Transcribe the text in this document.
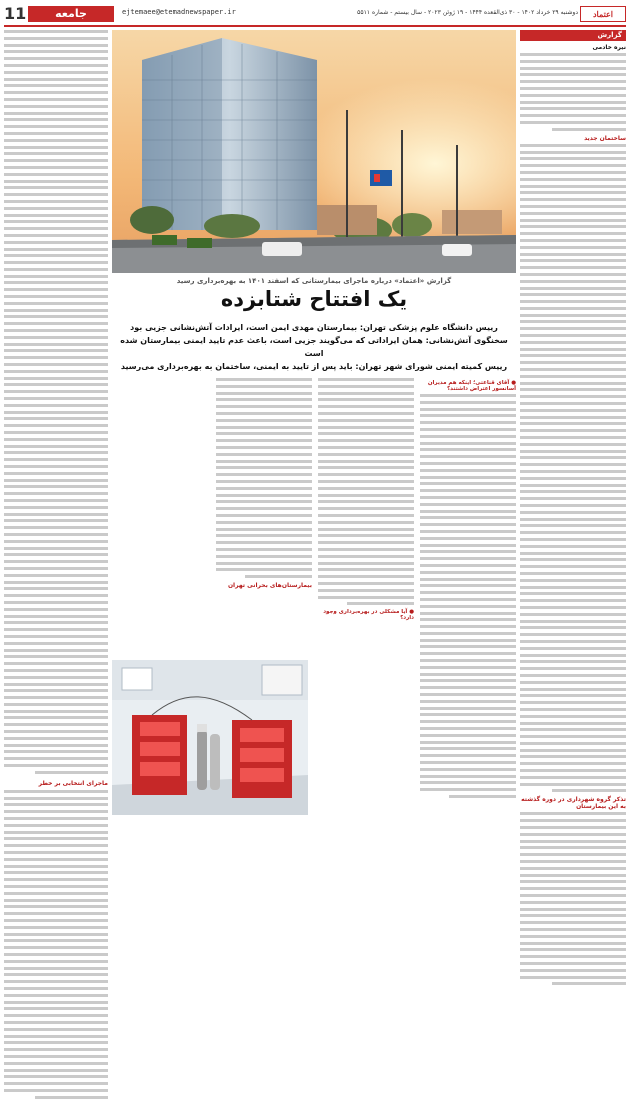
11	جامعه	ejtemaee@etemadnewspaper.ir	دوشنبه ۲۹ خرداد ۱۴۰۲ - ۳۰ ذی‌القعده ۱۴۴۴ - ۱۹ ژوئن ۲۰۲۳ - سال بیستم - شماره ۵۵۱۱	اعتماد
گزارش
نیره خادمی
ساختمان جدید
تذکر گروه شهرداری در دوره گذشته به این بیمارستان
گزارش «اعتماد» درباره ماجرای بیمارستانی که اسفند ۱۴۰۱ به بهره‌برداری رسید
یک افتتاح شتابزده
رییس دانشگاه علوم پزشکی تهران: بیمارستان مهدی ایمن است، ایرادات آتش‌نشانی جزیی بود
سخنگوی آتش‌نشانی: همان ایراداتی که می‌گویند جزیی است، باعث عدم تایید ایمنی بیمارستان شده است
رییس کمیته ایمنی شورای شهر تهران: باید پس از تایید به ایمنی، ساختمان به بهره‌برداری می‌رسید
ماجرای انتخابی بر خطر
● آقای قناعتی؛ اینکه هم مدیران آسانسور اعتراض داشتند؟
● آیا مشکلی در بهره‌برداری وجود دارد؟
بیمارستان‌های بحرانی تهران
